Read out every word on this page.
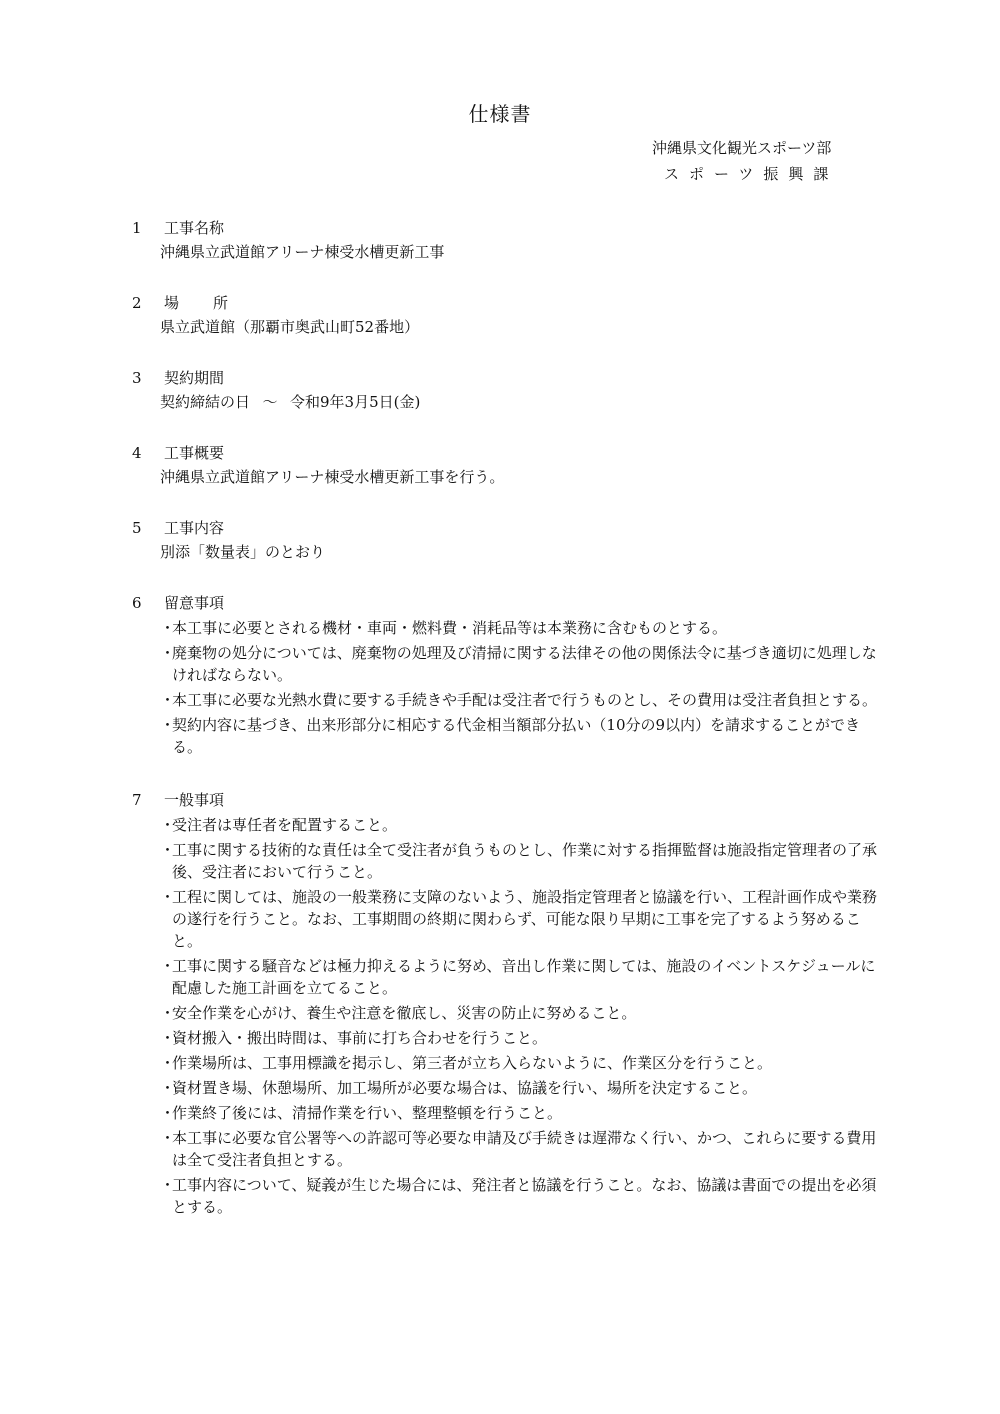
仕様書
沖縄県文化観光スポーツ部
スポーツ振興課
1 工事名称
沖縄県立武道館アリーナ棟受水槽更新工事
2 場 所
県立武道館（那覇市奥武山町52番地）
3 契約期間
契約締結の日 ～ 令和9年3月5日(金)
4 工事概要
沖縄県立武道館アリーナ棟受水槽更新工事を行う。
5 工事内容
別添「数量表」のとおり
6 留意事項
・
本工事に必要とされる機材・車両・燃料費・消耗品等は本業務に含むものとする。
・
廃棄物の処分については、廃棄物の処理及び清掃に関する法律その他の関係法令に基づき適切に処理しなければならない。
・
本工事に必要な光熱水費に要する手続きや手配は受注者で行うものとし、その費用は受注者負担とする。
・
契約内容に基づき、出来形部分に相応する代金相当額部分払い（10分の9以内）を請求することができる。
7 一般事項
・
受注者は専任者を配置すること。
・
工事に関する技術的な責任は全て受注者が負うものとし、作業に対する指揮監督は施設指定管理者の了承後、受注者において行うこと。
・
工程に関しては、施設の一般業務に支障のないよう、施設指定管理者と協議を行い、工程計画作成や業務の遂行を行うこと。なお、工事期間の終期に関わらず、可能な限り早期に工事を完了するよう努めること。
・
工事に関する騒音などは極力抑えるように努め、音出し作業に関しては、施設のイベントスケジュールに配慮した施工計画を立てること。
・
安全作業を心がけ、養生や注意を徹底し、災害の防止に努めること。
・
資材搬入・搬出時間は、事前に打ち合わせを行うこと。
・
作業場所は、工事用標識を掲示し、第三者が立ち入らないように、作業区分を行うこと。
・
資材置き場、休憩場所、加工場所が必要な場合は、協議を行い、場所を決定すること。
・
作業終了後には、清掃作業を行い、整理整頓を行うこと。
・
本工事に必要な官公署等への許認可等必要な申請及び手続きは遅滞なく行い、かつ、これらに要する費用は全て受注者負担とする。
・
工事内容について、疑義が生じた場合には、発注者と協議を行うこと。なお、協議は書面での提出を必須とする。
